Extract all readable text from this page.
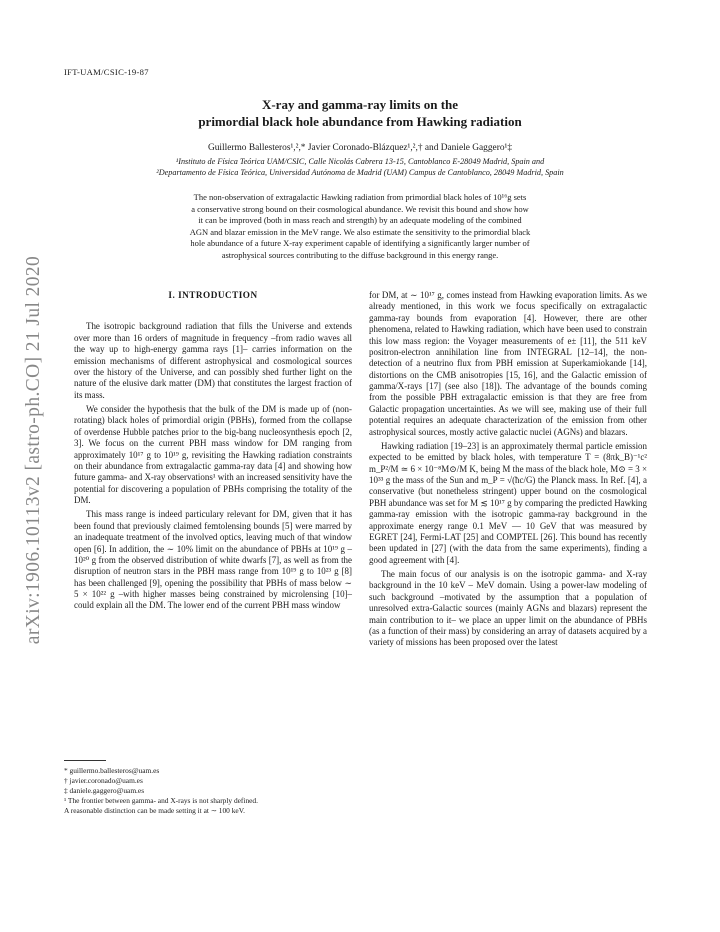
arXiv:1906.10113v2 [astro-ph.CO] 21 Jul 2020
IFT-UAM/CSIC-19-87
X-ray and gamma-ray limits on the
primordial black hole abundance from Hawking radiation
Guillermo Ballesteros¹,²,* Javier Coronado-Blázquez¹,²,† and Daniele Gaggero¹‡
¹Instituto de Física Teórica UAM/CSIC, Calle Nicolás Cabrera 13-15, Cantoblanco E-28049 Madrid, Spain and
²Departamento de Física Teórica, Universidad Autónoma de Madrid (UAM) Campus de Cantoblanco, 28049 Madrid, Spain
The non-observation of extragalactic Hawking radiation from primordial black holes of 10¹⁶g sets
a conservative strong bound on their cosmological abundance. We revisit this bound and show how
it can be improved (both in mass reach and strength) by an adequate modeling of the combined
AGN and blazar emission in the MeV range. We also estimate the sensitivity to the primordial black
hole abundance of a future X-ray experiment capable of identifying a significantly larger number of
astrophysical sources contributing to the diffuse background in this energy range.
I. INTRODUCTION

The isotropic background radiation that fills the Universe and extends over more than 16 orders of magnitude in frequency –from radio waves all the way up to high-energy gamma rays [1]– carries information on the emission mechanisms of different astrophysical and cosmological sources over the history of the Universe, and can possibly shed further light on the nature of the elusive dark matter (DM) that constitutes the largest fraction of its mass.

We consider the hypothesis that the bulk of the DM is made up of (non-rotating) black holes of primordial origin (PBHs), formed from the collapse of overdense Hubble patches prior to the big-bang nucleosynthesis epoch [2, 3]. We focus on the current PBH mass window for DM ranging from approximately 10¹⁷ g to 10¹⁹ g, revisiting the Hawking radiation constraints on their abundance from extragalactic gamma-ray data [4] and showing how future gamma- and X-ray observations¹ with an increased sensitivity have the potential for discovering a population of PBHs comprising the totality of the DM.

This mass range is indeed particulary relevant for DM, given that it has been found that previously claimed femtolensing bounds [5] were marred by an inadequate treatment of the involved optics, leaving much of that window open [6]. In addition, the ∼ 10% limit on the abundance of PBHs at 10¹⁹ g – 10²⁰ g from the observed distribution of white dwarfs [7], as well as from the disruption of neutron stars in the PBH mass range from 10¹⁹ g to 10²³ g [8] has been challenged [9], opening the possibility that PBHs of mass below ∼ 5 × 10²² g –with higher masses being constrained by microlensing [10]– could explain all the DM. The lower end of the current PBH mass window

for DM, at ∼ 10¹⁷ g, comes instead from Hawking evaporation limits. As we already mentioned, in this work we focus specifically on extragalactic gamma-ray bounds from evaporation [4]. However, there are other phenomena, related to Hawking radiation, which have been used to constrain this low mass region: the Voyager measurements of e± [11], the 511 keV positron-electron annihilation line from INTEGRAL [12–14], the non-detection of a neutrino flux from PBH emission at Superkamiokande [14], distortions on the CMB anisotropies [15, 16], and the Galactic emission of gamma/X-rays [17] (see also [18]). The advantage of the bounds coming from the possible PBH extragalactic emission is that they are free from Galactic propagation uncertainties. As we will see, making use of their full potential requires an adequate characterization of the emission from other astrophysical sources, mostly active galactic nuclei (AGNs) and blazars.

Hawking radiation [19–23] is an approximately thermal particle emission expected to be emitted by black holes, with temperature T = (8πk_B)⁻¹c² m_P²/M ≃ 6 × 10⁻⁸M⊙/M K, being M the mass of the black hole, M⊙ = 3 × 10³³ g the mass of the Sun and m_P = √(ħc/G) the Planck mass. In Ref. [4], a conservative (but nonetheless stringent) upper bound on the cosmological PBH abundance was set for M ≲ 10¹⁷ g by comparing the predicted Hawking gamma-ray emission with the isotropic gamma-ray background in the approximate energy range 0.1 MeV — 10 GeV that was measured by EGRET [24], Fermi-LAT [25] and COMPTEL [26]. This bound has recently been updated in [27] (with the data from the same experiments), finding a good agreement with [4].

The main focus of our analysis is on the isotropic gamma- and X-ray background in the 10 keV – MeV domain. Using a power-law modeling of such background –motivated by the assumption that a population of unresolved extra-Galactic sources (mainly AGNs and blazars) represent the main contribution to it– we place an upper limit on the abundance of PBHs (as a function of their mass) by considering an array of datasets acquired by a variety of missions has been proposed over the latest

* guillermo.ballesteros@uam.es
† javier.coronado@uam.es
‡ daniele.gaggero@uam.es
¹ The frontier between gamma- and X-rays is not sharply defined.
A reasonable distinction can be made setting it at ∼ 100 keV.
